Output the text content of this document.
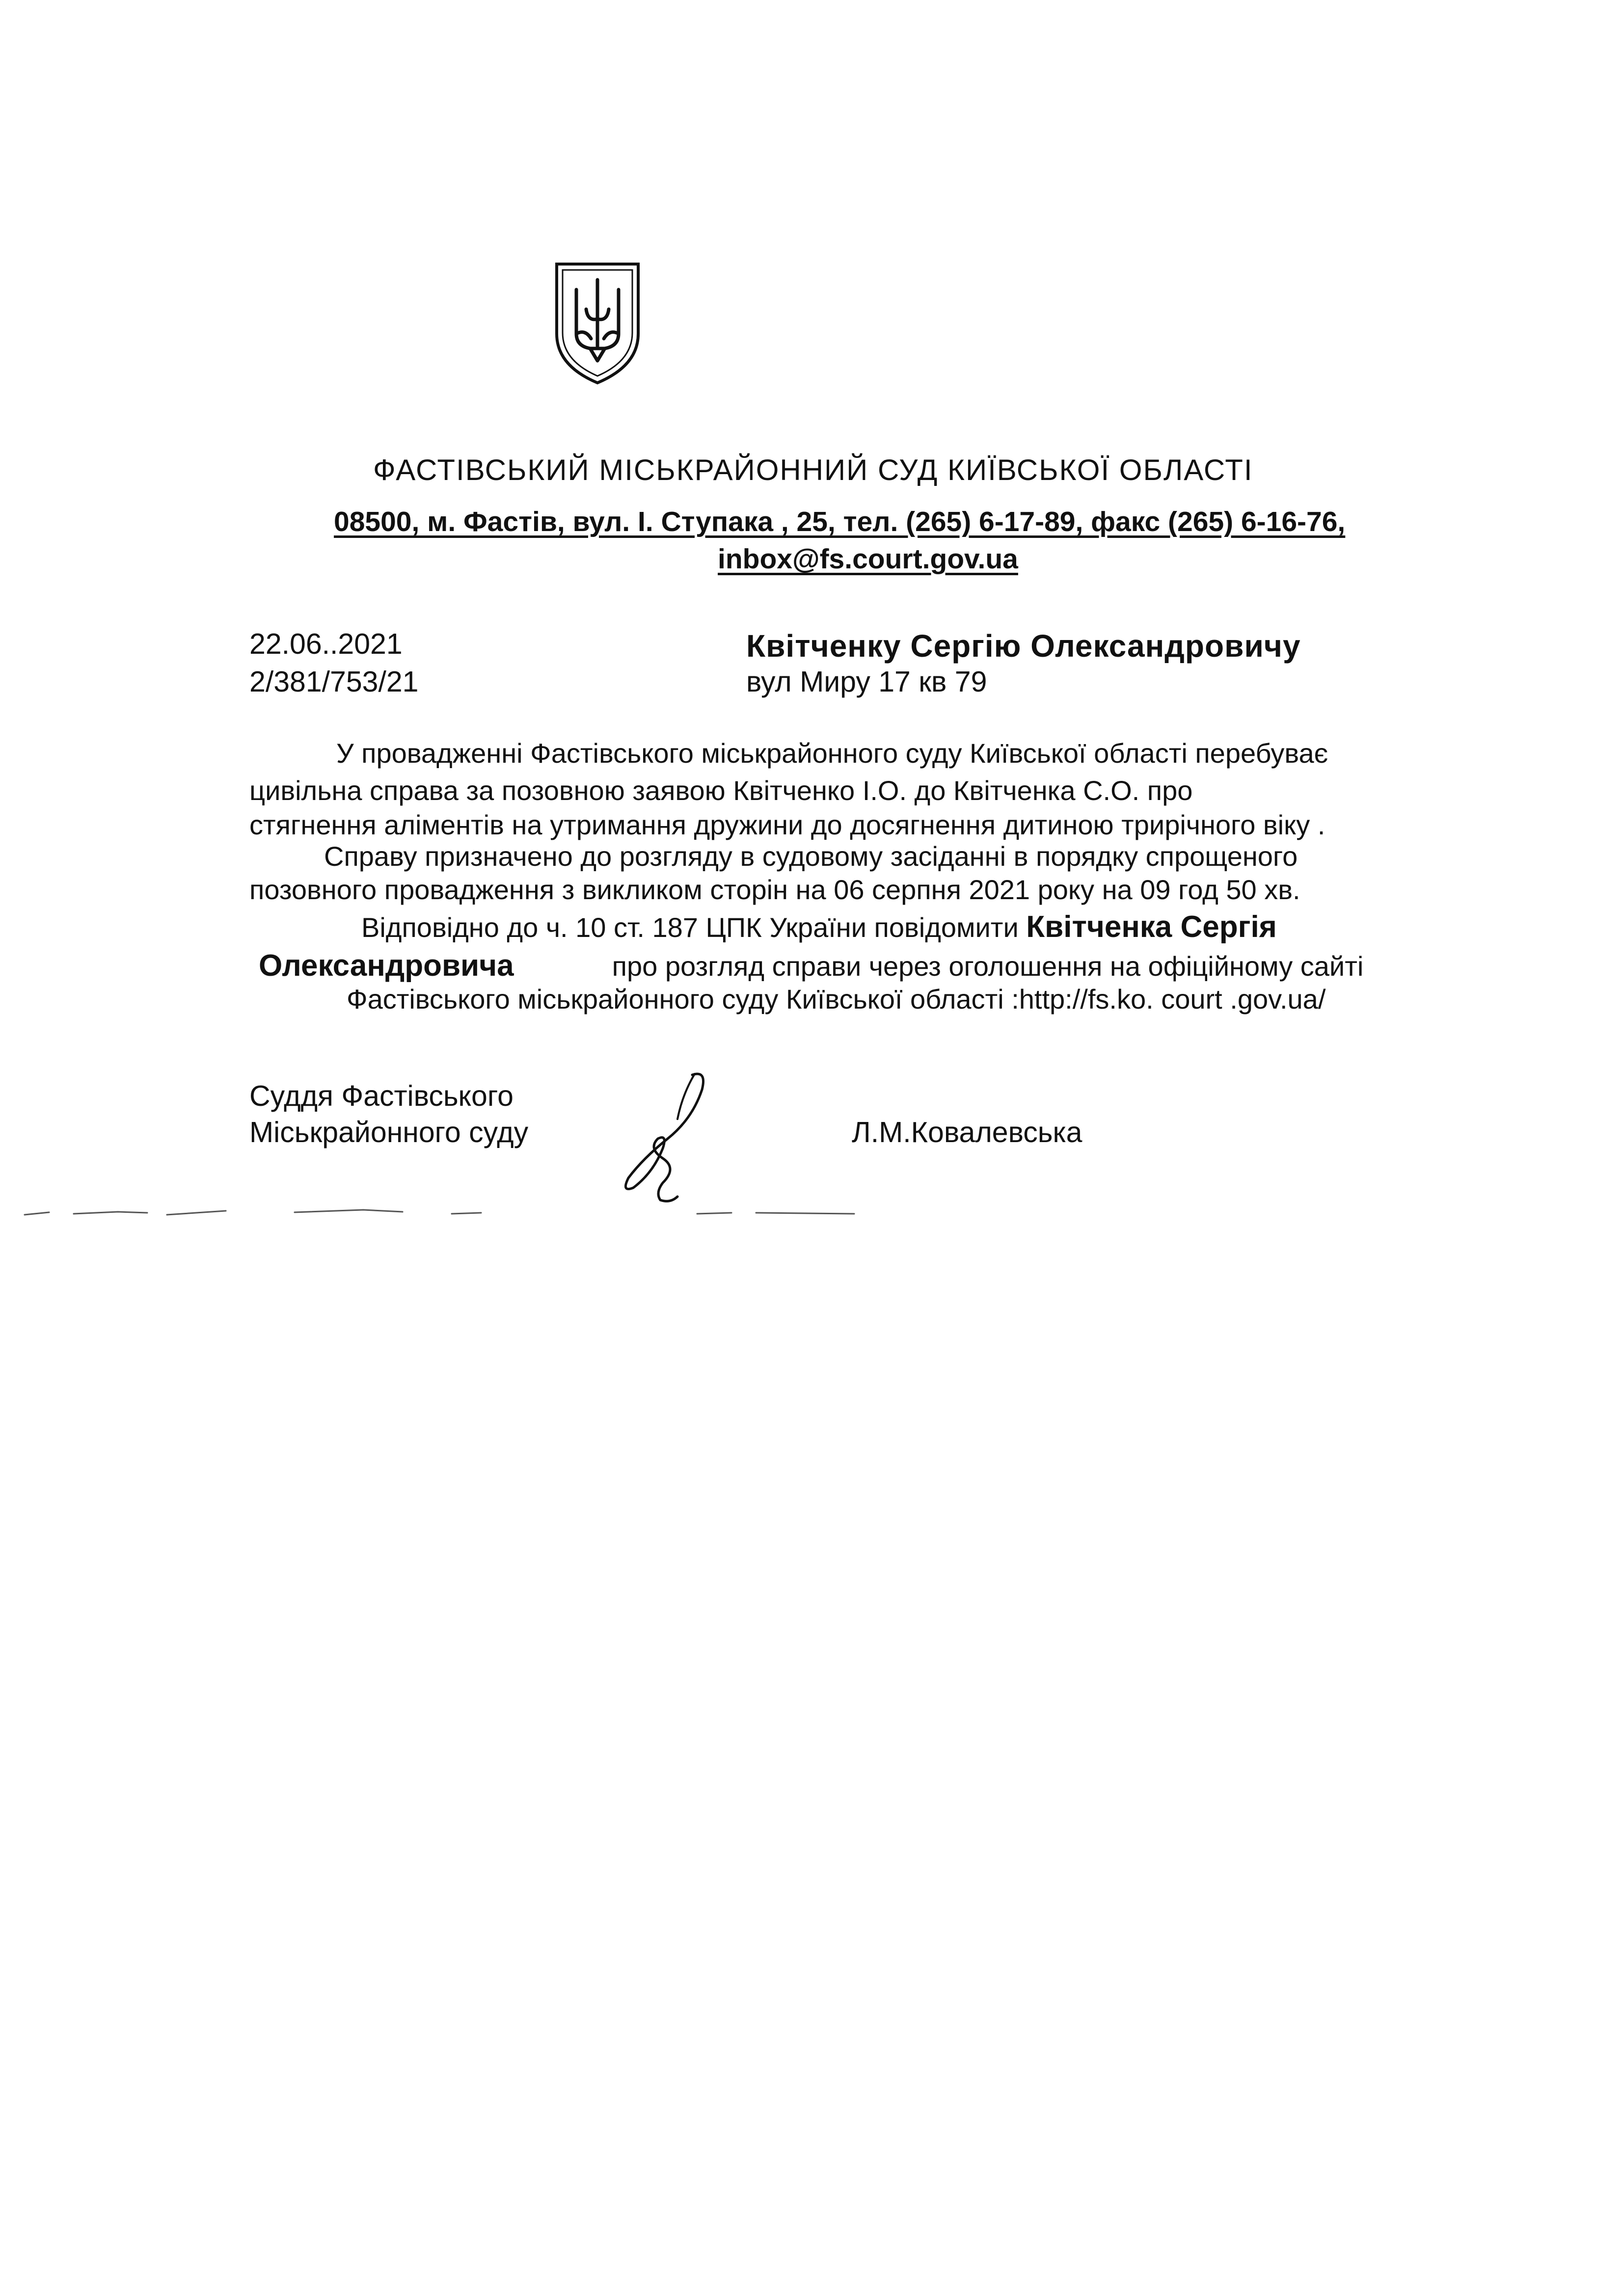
ФАСТІВСЬКИЙ МІСЬКРАЙОННИЙ СУД КИЇВСЬКОЇ ОБЛАСТІ
08500, м. Фастів, вул. І. Ступака , 25, тел. (265) 6-17-89, факс (265) 6-16-76,
inbox@fs.court.gov.ua
22.06..2021
2/381/753/21
Квітченку Сергію Олександровичу
вул Миру 17 кв 79
У провадженні Фастівського міськрайонного суду Київської області перебуває
цивільна справа за позовною заявою Квітченко І.О. до Квітченка С.О. про
стягнення аліментів на утримання дружини до досягнення дитиною трирічного віку .
Справу призначено до розгляду в судовому засіданні в порядку спрощеного
позовного провадження з викликом сторін на 06 серпня 2021 року на 09 год 50 хв.
Відповідно до ч. 10 ст. 187 ЦПК України повідомити Квітченка Сергія
Олександровича	про розгляд справи через оголошення на офіційному сайті
Фастівського міськрайонного суду Київської області :http://fs.ko. court .gov.ua/
Суддя Фастівського
Міськрайонного суду	Л.М.Ковалевська
